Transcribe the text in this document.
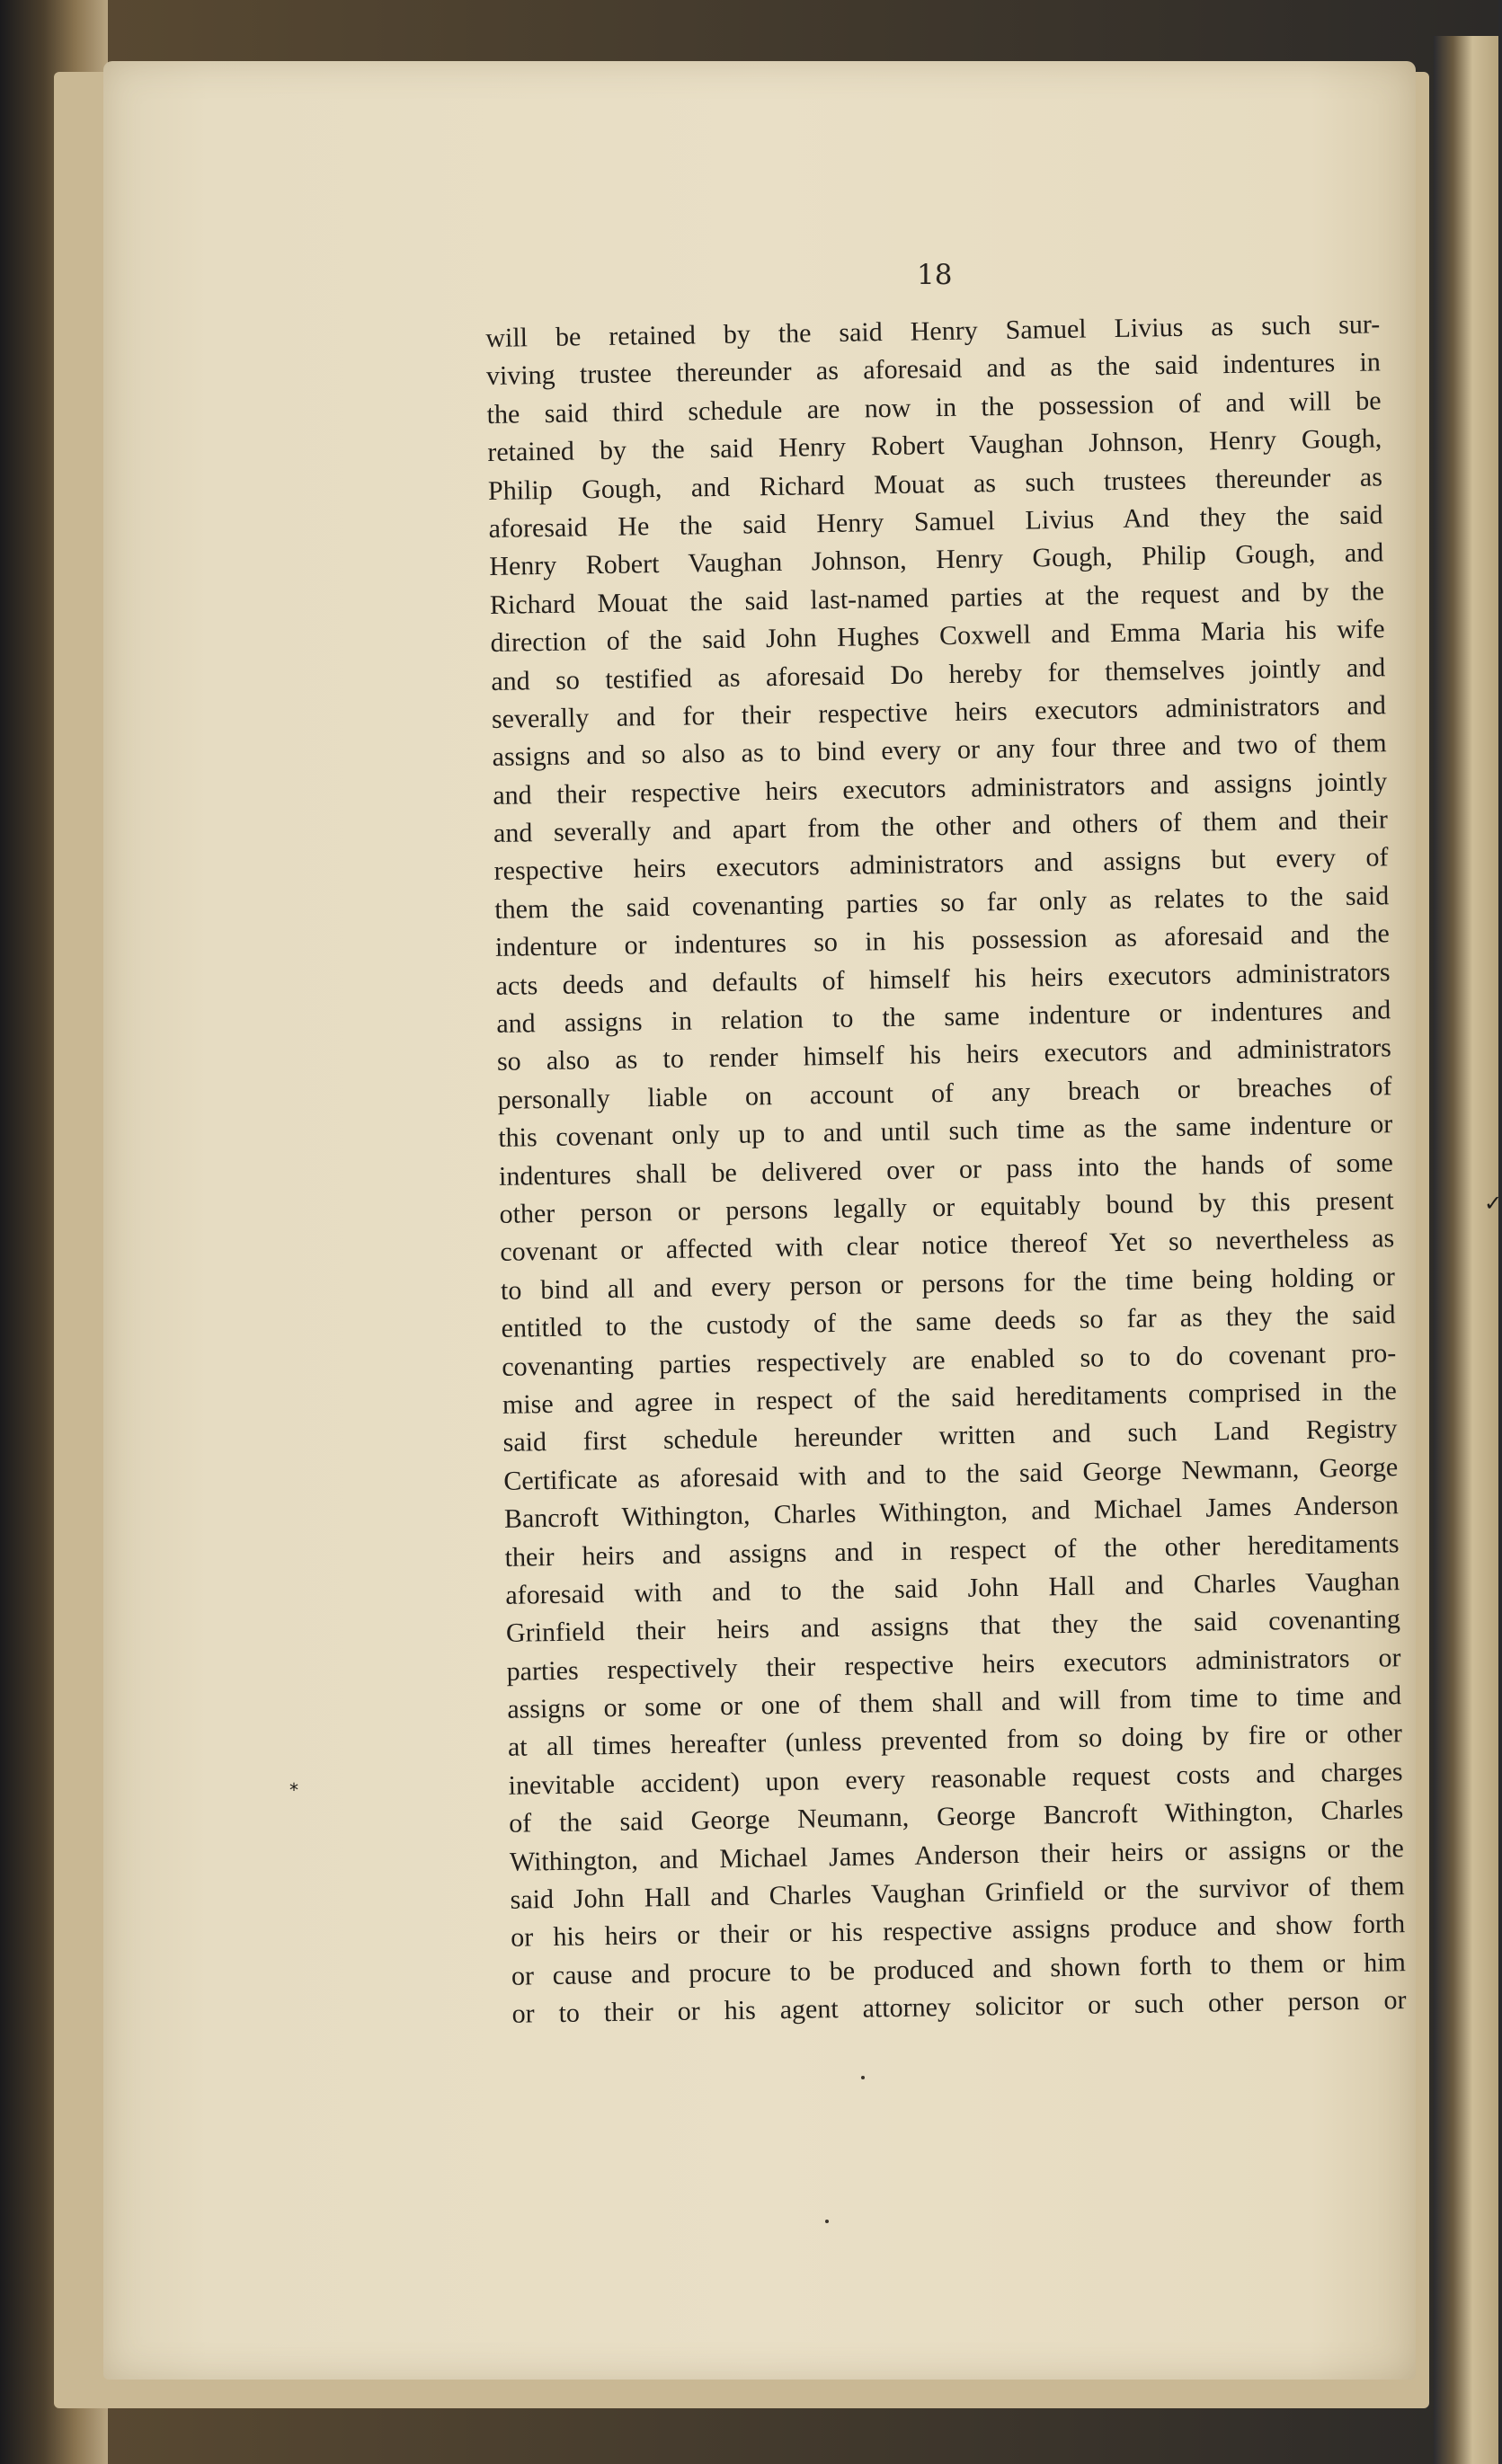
18
will be retained by the said Henry Samuel Livius as such sur-
viving trustee thereunder as aforesaid and as the said indentures in
the said third schedule are now in the possession of and will be
retained by the said Henry Robert Vaughan Johnson, Henry Gough,
Philip Gough, and Richard Mouat as such trustees thereunder as
aforesaid He the said Henry Samuel Livius And they the said
Henry Robert Vaughan Johnson, Henry Gough, Philip Gough, and
Richard Mouat the said last-named parties at the request and by the
direction of the said John Hughes Coxwell and Emma Maria his wife
and so testified as aforesaid Do hereby for themselves jointly and
severally and for their respective heirs executors administrators and
assigns and so also as to bind every or any four three and two of them
and their respective heirs executors administrators and assigns jointly
and severally and apart from the other and others of them and their
respective heirs executors administrators and assigns but every of
them the said covenanting parties so far only as relates to the said
indenture or indentures so in his possession as aforesaid and the
acts deeds and defaults of himself his heirs executors administrators
and assigns in relation to the same indenture or indentures and
so also as to render himself his heirs executors and administrators
personally liable on account of any breach or breaches of
this covenant only up to and until such time as the same indenture or
indentures shall be delivered over or pass into the hands of some
other person or persons legally or equitably bound by this present
covenant or affected with clear notice thereof Yet so nevertheless as
to bind all and every person or persons for the time being holding or
entitled to the custody of the same deeds so far as they the said
covenanting parties respectively are enabled so to do covenant pro-
mise and agree in respect of the said hereditaments comprised in the
said first schedule hereunder written and such Land Registry
Certificate as aforesaid with and to the said George Newmann, George
Bancroft Withington, Charles Withington, and Michael James Anderson
their heirs and assigns and in respect of the other hereditaments
aforesaid with and to the said John Hall and Charles Vaughan
Grinfield their heirs and assigns that they the said covenanting
parties respectively their respective heirs executors administrators or
assigns or some or one of them shall and will from time to time and
at all times hereafter (unless prevented from so doing by fire or other
inevitable accident) upon every reasonable request costs and charges
of the said George Neumann, George Bancroft Withington, Charles
Withington, and Michael James Anderson their heirs or assigns or the
said John Hall and Charles Vaughan Grinfield or the survivor of them
or his heirs or their or his respective assigns produce and show forth
or cause and procure to be produced and shown forth to them or him
or to their or his agent attorney solicitor or such other person or
*
✓
